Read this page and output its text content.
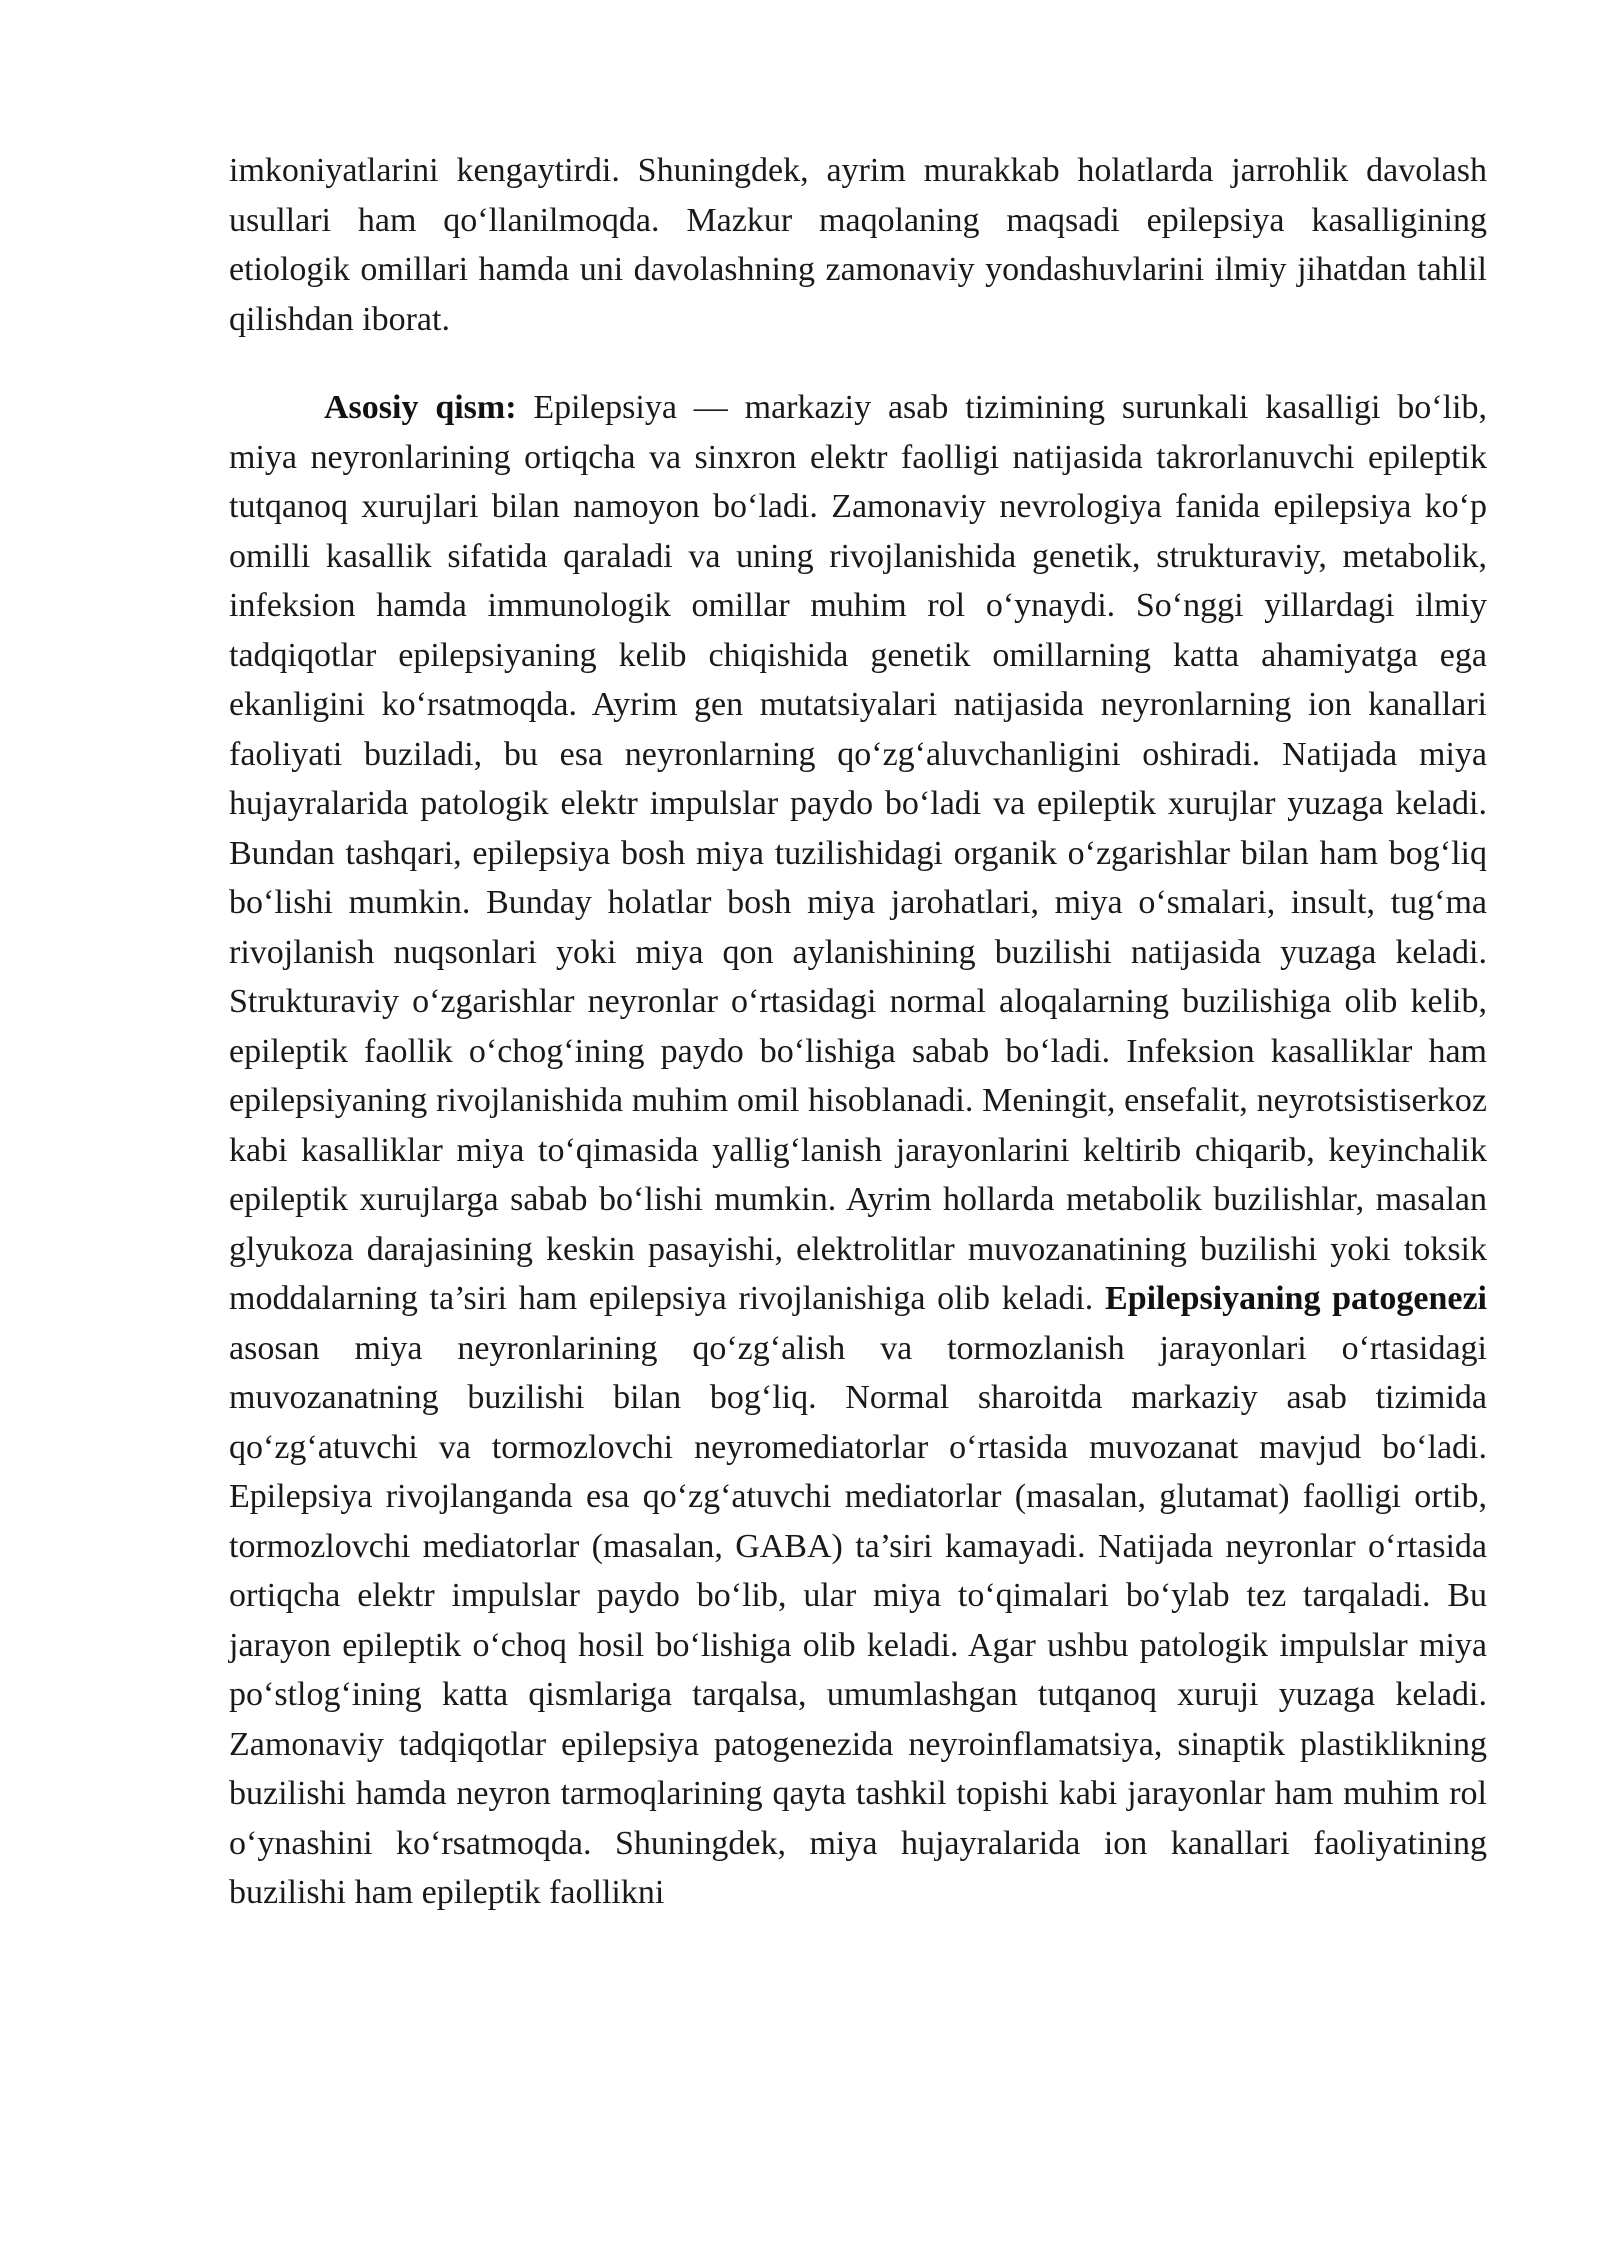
imkoniyatlarini kengaytirdi. Shuningdek, ayrim murakkab holatlarda jarrohlik davolash usullari ham qo‘llanilmoqda. Mazkur maqolaning maqsadi epilepsiya kasalligining etiologik omillari hamda uni davolashning zamonaviy yondashuvlarini ilmiy jihatdan tahlil qilishdan iborat.

Asosiy qism: Epilepsiya — markaziy asab tizimining surunkali kasalligi bo‘lib, miya neyronlarining ortiqcha va sinxron elektr faolligi natijasida takrorlanuvchi epileptik tutqanoq xurujlari bilan namoyon bo‘ladi. Zamonaviy nevrologiya fanida epilepsiya ko‘p omilli kasallik sifatida qaraladi va uning rivojlanishida genetik, strukturaviy, metabolik, infeksion hamda immunologik omillar muhim rol o‘ynaydi. So‘nggi yillardagi ilmiy tadqiqotlar epilepsiyaning kelib chiqishida genetik omillarning katta ahamiyatga ega ekanligini ko‘rsatmoqda. Ayrim gen mutatsiyalari natijasida neyronlarning ion kanallari faoliyati buziladi, bu esa neyronlarning qo‘zg‘aluvchanligini oshiradi. Natijada miya hujayralarida patologik elektr impulslar paydo bo‘ladi va epileptik xurujlar yuzaga keladi. Bundan tashqari, epilepsiya bosh miya tuzilishidagi organik o‘zgarishlar bilan ham bog‘liq bo‘lishi mumkin. Bunday holatlar bosh miya jarohatlari, miya o‘smalari, insult, tug‘ma rivojlanish nuqsonlari yoki miya qon aylanishining buzilishi natijasida yuzaga keladi. Strukturaviy o‘zgarishlar neyronlar o‘rtasidagi normal aloqalarning buzilishiga olib kelib, epileptik faollik o‘chog‘ining paydo bo‘lishiga sabab bo‘ladi. Infeksion kasalliklar ham epilepsiyaning rivojlanishida muhim omil hisoblanadi. Meningit, ensefalit, neyrotsistiserkoz kabi kasalliklar miya to‘qimasida yallig‘lanish jarayonlarini keltirib chiqarib, keyinchalik epileptik xurujlarga sabab bo‘lishi mumkin. Ayrim hollarda metabolik buzilishlar, masalan glyukoza darajasining keskin pasayishi, elektrolitlar muvozanatining buzilishi yoki toksik moddalarning ta’siri ham epilepsiya rivojlanishiga olib keladi. Epilepsiyaning patogenezi asosan miya neyronlarining qo‘zg‘alish va tormozlanish jarayonlari o‘rtasidagi muvozanatning buzilishi bilan bog‘liq. Normal sharoitda markaziy asab tizimida qo‘zg‘atuvchi va tormozlovchi neyromediatorlar o‘rtasida muvozanat mavjud bo‘ladi. Epilepsiya rivojlanganda esa qo‘zg‘atuvchi mediatorlar (masalan, glutamat) faolligi ortib, tormozlovchi mediatorlar (masalan, GABA) ta’siri kamayadi. Natijada neyronlar o‘rtasida ortiqcha elektr impulslar paydo bo‘lib, ular miya to‘qimalari bo‘ylab tez tarqaladi. Bu jarayon epileptik o‘choq hosil bo‘lishiga olib keladi. Agar ushbu patologik impulslar miya po‘stlog‘ining katta qismlariga tarqalsa, umumlashgan tutqanoq xuruji yuzaga keladi. Zamonaviy tadqiqotlar epilepsiya patogenezida neyroinflamatsiya, sinaptik plastiklikning buzilishi hamda neyron tarmoqlarining qayta tashkil topishi kabi jarayonlar ham muhim rol o‘ynashini ko‘rsatmoqda. Shuningdek, miya hujayralarida ion kanallari faoliyatining buzilishi ham epileptik faollikni
